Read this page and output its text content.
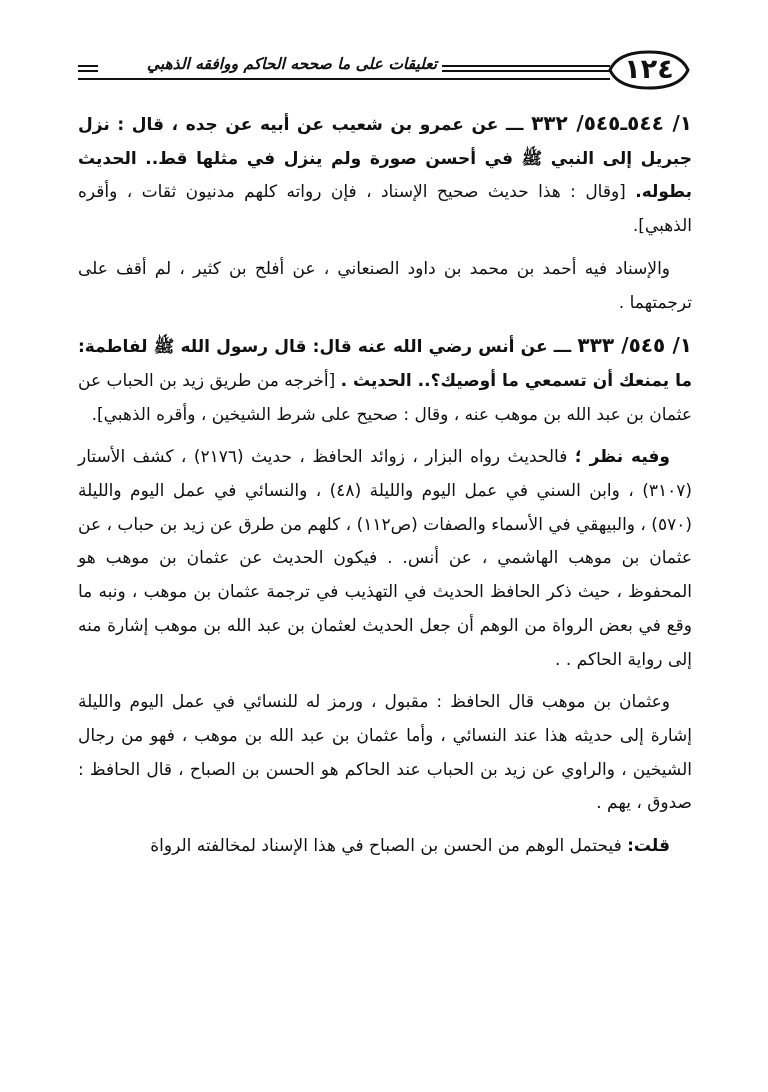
١٢٤
تعليقات على ما صححه الحاكم ووافقه الذهبي

١/ ٥٤٤ـ٥٤٥/ ٣٣٢ ـــ عن عمرو بن شعيب عن أبيه عن جده ، قال : نزل جبريل إلى النبي ﷺ في أحسن صورة ولم ينزل في مثلها قط.. الحديث بطوله. [وقال : هذا حديث صحيح الإسناد ، فإن رواته كلهم مدنيون ثقات ، وأقره الذهبي].

والإسناد فيه أحمد بن محمد بن داود الصنعاني ، عن أفلح بن كثير ، لم أقف على ترجمتهما .

١/ ٥٤٥/ ٣٣٣ ـــ عن أنس رضي الله عنه قال: قال رسول الله ﷺ لفاطمة: ما يمنعك أن تسمعي ما أوصيك؟.. الحديث . [أخرجه من طريق زيد بن الحباب عن عثمان بن عبد الله بن موهب عنه ، وقال : صحيح على شرط الشيخين ، وأقره الذهبي].

وفيه نظر ؛ فالحديث رواه البزار ، زوائد الحافظ ، حديث (٢١٧٦) ، كشف الأستار (٣١٠٧) ، وابن السني في عمل اليوم والليلة (٤٨) ، والنسائي في عمل اليوم والليلة (٥٧٠) ، والبيهقي في الأسماء والصفات (ص١١٢) ، كلهم من طرق عن زيد بن حباب ، عن عثمان بن موهب الهاشمي ، عن أنس. . فيكون الحديث عن عثمان بن موهب هو المحفوظ ، حيث ذكر الحافظ الحديث في التهذيب في ترجمة عثمان بن موهب ، ونبه ما وقع في بعض الرواة من الوهم أن جعل الحديث لعثمان بن عبد الله بن موهب إشارة منه إلى رواية الحاكم . .

وعثمان بن موهب قال الحافظ : مقبول ، ورمز له للنسائي في عمل اليوم والليلة إشارة إلى حديثه هذا عند النسائي ، وأما عثمان بن عبد الله بن موهب ، فهو من رجال الشيخين ، والراوي عن زيد بن الحباب عند الحاكم هو الحسن بن الصباح ، قال الحافظ : صدوق ، يهم .

قلت: فيحتمل الوهم من الحسن بن الصباح في هذا الإسناد لمخالفته الرواة
